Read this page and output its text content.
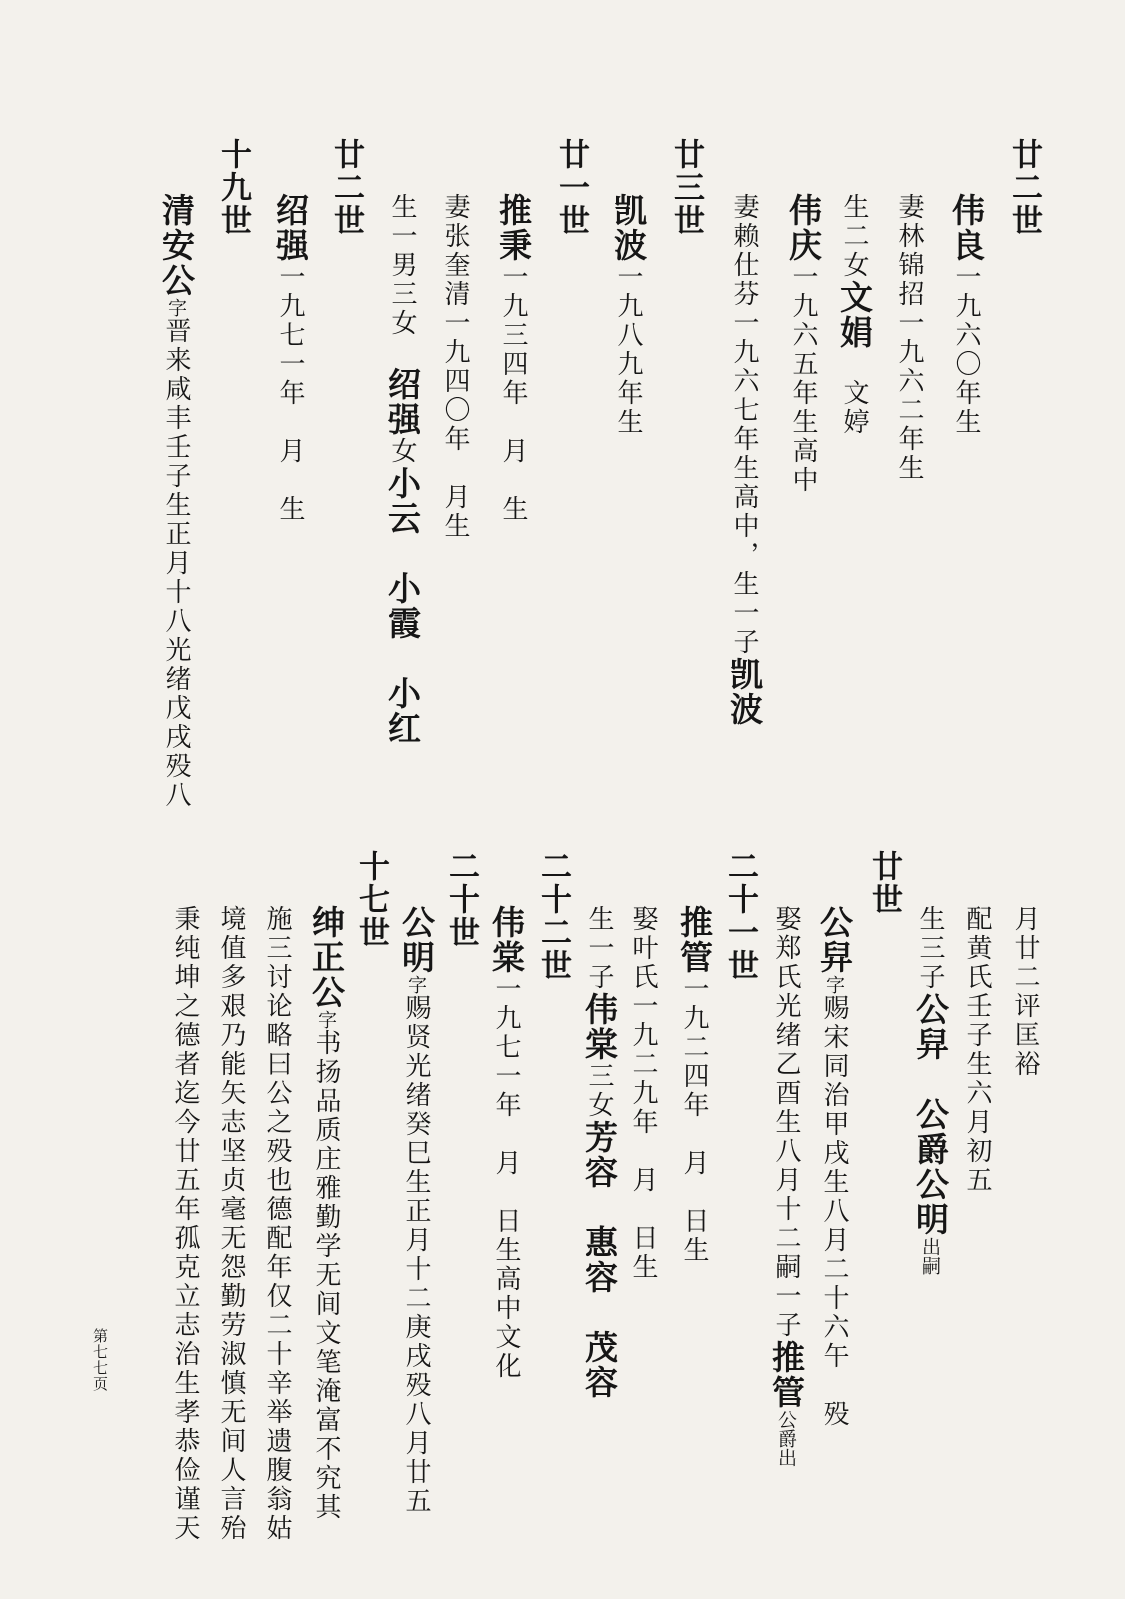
廿二世
伟良一九六〇年生
妻林锦招一九六二年生
生二女文娟　文婷
伟庆一九六五年生高中
妻赖仕芬一九六七年生高中，生一子凯波
廿三世
凯波一九八九年生
廿一世
推秉一九三四年　月　生
妻张奎清一九四〇年　月生
生一男三女　绍强女小云　小霞　小红
廿二世
绍强一九七一年　月　生
十九世
清安公字晋来咸丰壬子生正月十八光绪戊戌殁八
月廿二评匡裕
配黄氏壬子生六月初五
生三子公舁　公爵公明出嗣
廿世
公舁字赐宋同治甲戌生八月二十六午　殁
娶郑氏光绪乙酉生八月十二嗣一子推管公爵出
二十一世
推管一九二四年　月　日生
娶叶氏一九二九年　月　日生
生一子伟棠三女芳容　惠容　茂容
二十二世
伟棠一九七一年　月　日生高中文化
二十世
公明字赐贤光绪癸巳生正月十二庚戌殁八月廿五
十七世
绅正公字书扬品质庄雅勤学无间文笔淹富不究其
施三讨论略曰公之殁也德配年仅二十辛举遗腹翁姑
境值多艰乃能矢志坚贞毫无怨勤劳淑慎无间人言殆
秉纯坤之德者迄今廿五年孤克立志治生孝恭俭谨天
第七七页
